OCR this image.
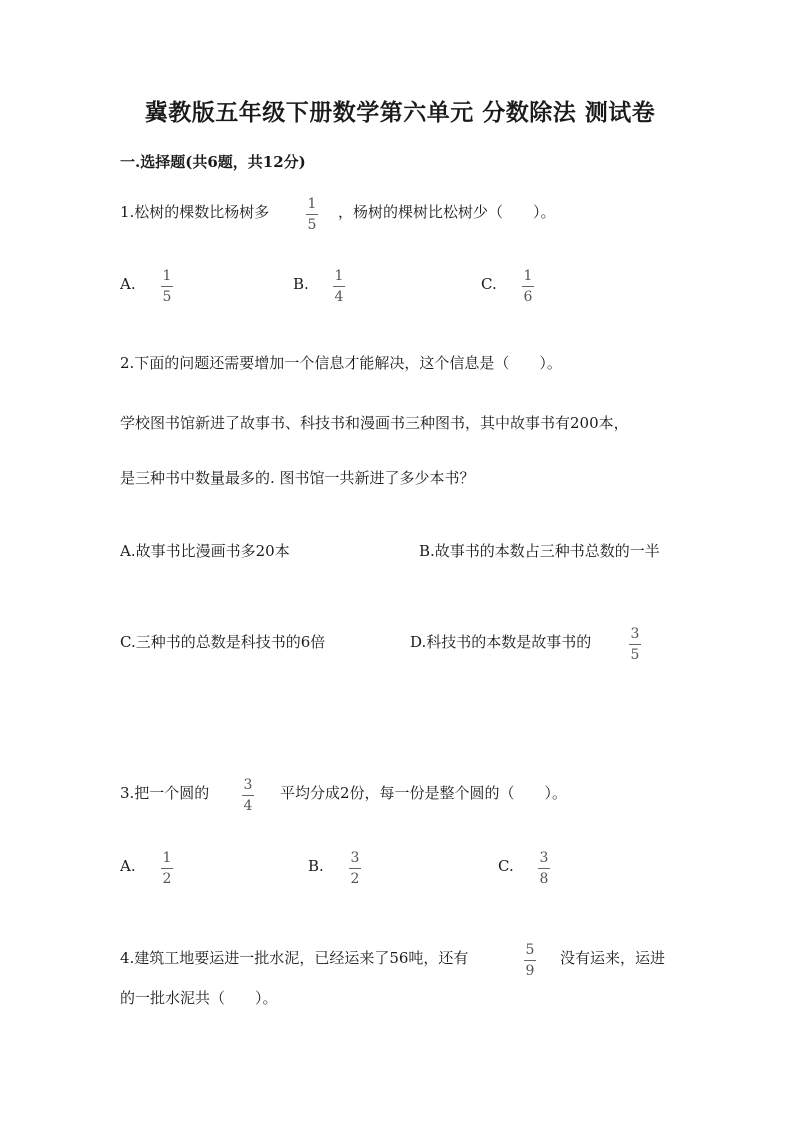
冀教版五年级下册数学第六单元 分数除法 测试卷
一.选择题(共6题，共12分)
1.松树的棵数比杨树多	1
5
，杨树的棵树比松树少（　　）。
A. 1
5
B. 1
4
C. 1
6
2.下面的问题还需要增加一个信息才能解决，这个信息是（　　）。
学校图书馆新进了故事书、科技书和漫画书三种图书，其中故事书有200本，
是三种书中数量最多的. 图书馆一共新进了多少本书？
A.故事书比漫画书多20本	B.故事书的本数占三种书总数的一半
C.三种书的总数是科技书的6倍	D.科技书的本数是故事书的	3
5
3.把一个圆的 3
4
平均分成2份，每一份是整个圆的（　　）。
A. 1
2
B. 3
2
C. 3
8
4.建筑工地要运进一批水泥，已经运来了56吨，还有	5
9
没有运来，运进
的一批水泥共（　　）。
